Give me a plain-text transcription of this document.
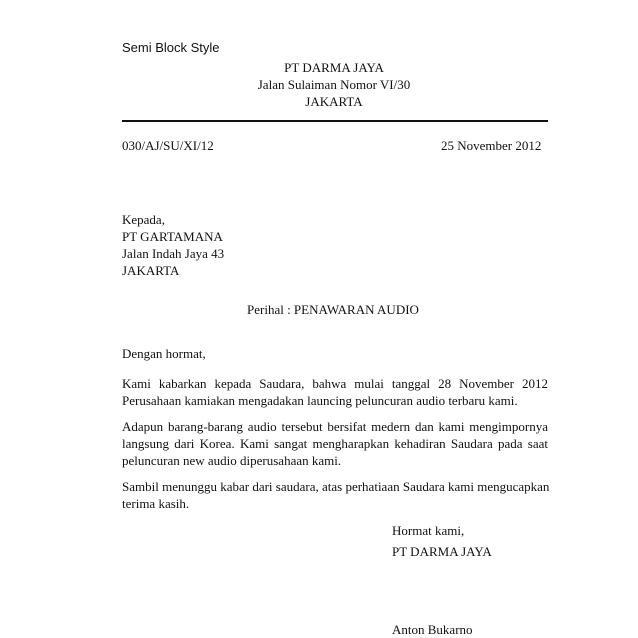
Semi Block Style
PT DARMA JAYA
Jalan Sulaiman Nomor VI/30
JAKARTA
030/AJ/SU/XI/12	25 November 2012
Kepada,
PT GARTAMANA
Jalan Indah Jaya 43
JAKARTA
Perihal : PENAWARAN AUDIO
Dengan hormat,
Kami kabarkan kepada Saudara, bahwa mulai tanggal 28 November 2012
Perusahaan kamiakan mengadakan launcing peluncuran audio terbaru kami.
Adapun barang-barang audio tersebut bersifat medern dan kami mengimpornya
langsung dari Korea. Kami sangat mengharapkan kehadiran Saudara pada saat
peluncuran new audio diperusahaan kami.
Sambil menunggu kabar dari saudara, atas perhatiaan Saudara kami mengucapkan
terima kasih.
Hormat kami,
PT DARMA JAYA
Anton Bukarno
